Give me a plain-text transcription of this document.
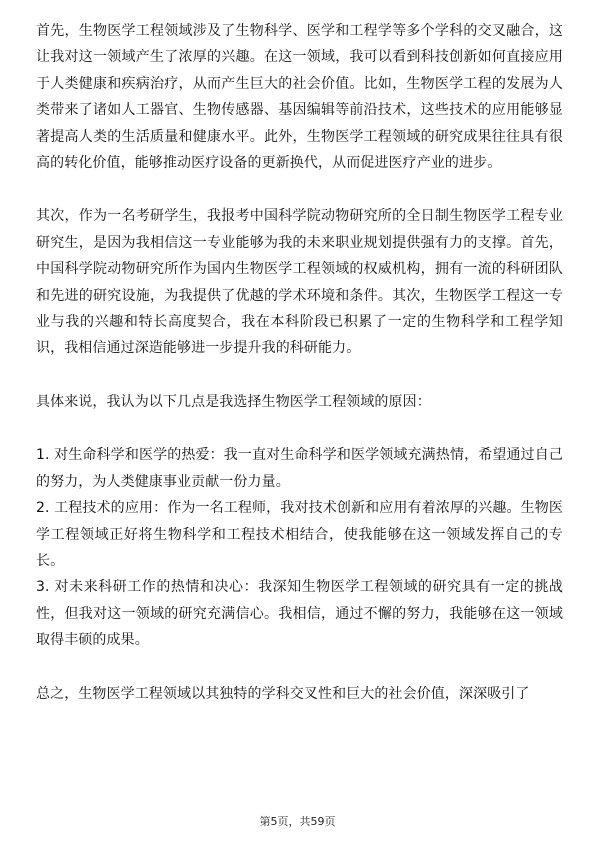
首先，生物医学工程领域涉及了生物科学、医学和工程学等多个学科的交叉融合，这让我对这一领域产生了浓厚的兴趣。在这一领域，我可以看到科技创新如何直接应用于人类健康和疾病治疗，从而产生巨大的社会价值。比如，生物医学工程的发展为人类带来了诸如人工器官、生物传感器、基因编辑等前沿技术，这些技术的应用能够显著提高人类的生活质量和健康水平。此外，生物医学工程领域的研究成果往往具有很高的转化价值，能够推动医疗设备的更新换代，从而促进医疗产业的进步。

其次，作为一名考研学生，我报考中国科学院动物研究所的全日制生物医学工程专业研究生，是因为我相信这一专业能够为我的未来职业规划提供强有力的支撑。首先，中国科学院动物研究所作为国内生物医学工程领域的权威机构，拥有一流的科研团队和先进的研究设施，为我提供了优越的学术环境和条件。其次，生物医学工程这一专业与我的兴趣和特长高度契合，我在本科阶段已积累了一定的生物科学和工程学知识，我相信通过深造能够进一步提升我的科研能力。

具体来说，我认为以下几点是我选择生物医学工程领域的原因：

1. 对生命科学和医学的热爱：我一直对生命科学和医学领域充满热情，希望通过自己的努力，为人类健康事业贡献一份力量。

2. 工程技术的应用：作为一名工程师，我对技术创新和应用有着浓厚的兴趣。生物医学工程领域正好将生物科学和工程技术相结合，使我能够在这一领域发挥自己的专长。

3. 对未来科研工作的热情和决心：我深知生物医学工程领域的研究具有一定的挑战性，但我对这一领域的研究充满信心。我相信，通过不懈的努力，我能够在这一领域取得丰硕的成果。

总之，生物医学工程领域以其独特的学科交叉性和巨大的社会价值，深深吸引了

第5页，共59页
